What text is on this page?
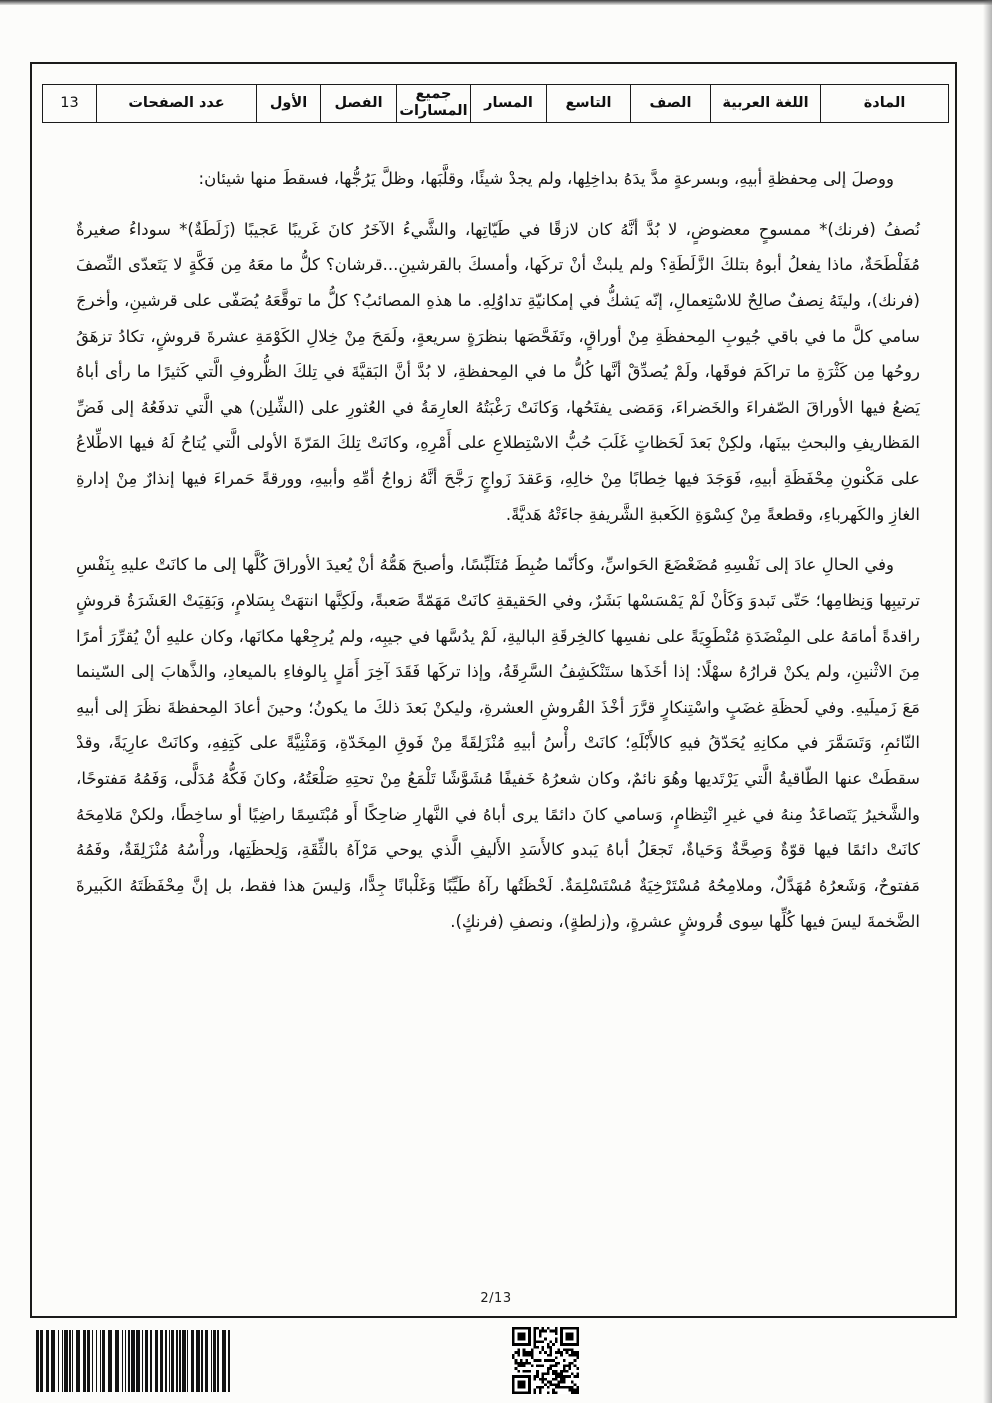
المادة	اللغة العربية	الصف	التاسع	المسار	جميع المسارات	الفصل	الأول	عدد الصفحات	13

ووصلَ إلى مِحفظةِ أبيهِ، وبسرعةٍ مدَّ يدَهُ بداخِلِها، ولم يجدْ شيئًا، وقلَّبَها، وظلَّ يَرُجُّها، فسقطَ منها شيئان:

نُصفُ (فرنك)* ممسوحٍ معضوضٍ، لا بُدَّ أنَّهُ كان لازقًا في طَيّاتِها، والشَّيءُ الآخَرُ كانَ غَريبًا عَجيبًا (زَلَطَةٌ)* سوداءُ صغيرةٌ مُفَلْطَحَةٌ، ماذا يفعلُ أبوهُ بتلكَ الزَّلَطَةِ؟ ولم يلبثْ أنْ تركَها، وأمسكَ بالقرشينِ...قرشان؟ كلُّ ما معَهُ مِن فَكَّةٍ لا يَتَعدّى النِّصفَ (فرنك)، وليتَهُ نِصفٌ صالِحٌ للاسْتِعمالِ، إنّه يَشكُّ في إمكانيّةِ تداوُلِهِ. ما هذهِ المصائبُ؟ كلُّ ما توقَّعَهُ يُصَفّى على قرشينِ، وأخرجَ سامي كلَّ ما في باقي جُيوبِ المِحفظَةِ مِنْ أوراقٍ، وتَفَحَّصَها بنظرَةٍ سريعةٍ، ولَمَحَ مِنْ خِلالِ الكَوْمَةِ عشرةَ قروشٍ، تكادُ تزهَقُ روحُها مِن كَثْرَةِ ما تراكَمَ فوقَها، ولَمْ يُصدِّقْ أنَّها كُلُّ ما في المِحفظةِ، لا بُدَّ أنَّ البَقيَّةَ في تِلكَ الظُّروفِ الَّتي كَثيرًا ما رأى أباهُ يَضعُ فيها الأوراقَ الصّفراءَ والخَضراءَ، وَمَضى يفتَحُها، وَكانَتْ رَغْبَتُهُ العارِمَةُ في العُثورِ على (الشِّلِن) هي الَّتي تدفَعُهُ إلى فَضِّ المَظاريفِ والبحثِ بينَها، ولكِنْ بَعدَ لَحَظاتٍ غَلَبَ حُبُّ الاسْتِطلاعِ على أَمْرِهِ، وكانَتْ تِلكَ المَرّةَ الأولى الَّتي يُتاحُ لَهُ فيها الاطِّلاعُ على مَكْنونِ مِحْفَظَةِ أبيهِ، فَوَجَدَ فيها خِطابًا مِنْ خالِهِ، وَعَقدَ زَواجٍ رَجَّحَ أنَّهُ زواجُ أمِّهِ وأبيهِ، وورقةً حَمراءَ فيها إنذارٌ مِنْ إدارةِ الغازِ والكَهرباءِ، وقطعةً مِنْ كِسْوَةِ الكَعبةِ الشَّريفةِ جاءَتْهُ هَديَّةً.

وفي الحالِ عادَ إلى نَفْسِهِ مُضَعْضَعَ الحَواسِّ، وكأنّما ضُبِطَ مُتَلَبِّسًا، وأصبحَ هَمُّهُ أنْ يُعيدَ الأوراقَ كُلَّها إلى ما كانَتْ عليهِ بِنَفْسِ ترتيبِها وَنِظامِها؛ حَتّى تَبدوَ وَكَأنْ لَمْ يَمْسَسْها بَشَرٌ، وفي الحَقيقةِ كانَتْ مَهَمّةً صَعبةً، ولَكِنَّها انتهَتْ بِسَلامٍ، وَبَقِيَتْ العَشَرَةُ قروشٍ راقدةً أمامَهُ على المِنْضَدَةِ مُنْطَوِيَةً على نفسِها كالخِرقَةِ الباليةِ، لَمْ يدُسَّها في جيبِه، ولم يُرجِعْها مكانَها، وكان عليهِ أنْ يُقرِّرَ أمرًا مِنَ الاثْنينِ، ولم يكنْ قرارُهُ سهْلًا: إذا أخَذَها ستَنْكَشِفُ السَّرِقَةُ، وإذا تركَها فَقَدَ آخِرَ أَمَلٍ بِالوفاءِ بالميعادِ، والذَّهابَ إلى السّينما مَعَ زَميلَيهِ. وفي لَحظَةِ غضَبٍ واسْتِنكارٍ قرَّرَ أخْذَ القُروشِ العشرةِ، وليكنْ بَعدَ ذلكَ ما يكونُ؛ وحينَ أعادَ المِحفظةَ نظَرَ إلى أبيهِ النّائمِ، وَتَسَمَّرَ في مكانِهِ يُحَدّقُ فيهِ كالأَبْلَهِ؛ كانَتْ رأْسُ أبيهِ مُنْزَلِقَةً مِنْ فَوقِ المِخَدّةِ، وَمَثْنِيَّةً على كَتِفِهِ، وكانَتْ عارِيَةً، وقدْ سقطَتْ عنها الطّاقيةُ الَّتي يَرْتَديها وهُوَ نائمٌ، وكان شعرُهُ خَفيفًا مُشَوَّشًا تَلْمَعُ مِنْ تحتِهِ صَلْعَتُهُ، وكانَ فَكُّهُ مُدَلًّى، وَفَمُهُ مَفتوحًا، والشَّخيرُ يَتَصاعَدُ مِنهُ في غيرِ انْتِظامٍ، وَسامي كانَ دائمًا يرى أباهُ في النَّهارِ ضاحِكًا أَو مُبْتَسِمًا راضِيًا أو ساخِطًا، ولكنْ مَلامِحَهُ كانَتْ دائمًا فيها قوّةٌ وَصِحَّةٌ وَحَياةٌ، تَجعَلُ أباهُ يَبدو كالأَسَدِ الأَليفِ الَّذي يوحي مَرْآهُ بالثِّقَةِ، وَلِحظَتِها، ورأْسُهُ مُنْزَلِقَةٌ، وفَمُهُ مَفتوحٌ، وَشَعرُهُ مُهَدَّلٌ، وملامِحُهُ مُسْتَرْخِيَةٌ مُسْتَسْلِمَةٌ. لَحْظَتُها رآهُ طَيِّبًا وَغَلْبانًا جِدًّا، وَليسَ هذا فقط، بل إنَّ مِحْفَظَتَهُ الكَبيرةَ الضَّخمةَ ليسَ فيها كُلِّها سِوى قُروشٍ عشرةٍ، و(زلطةٍ)، ونصفِ (فرنكٍ).

2/13
